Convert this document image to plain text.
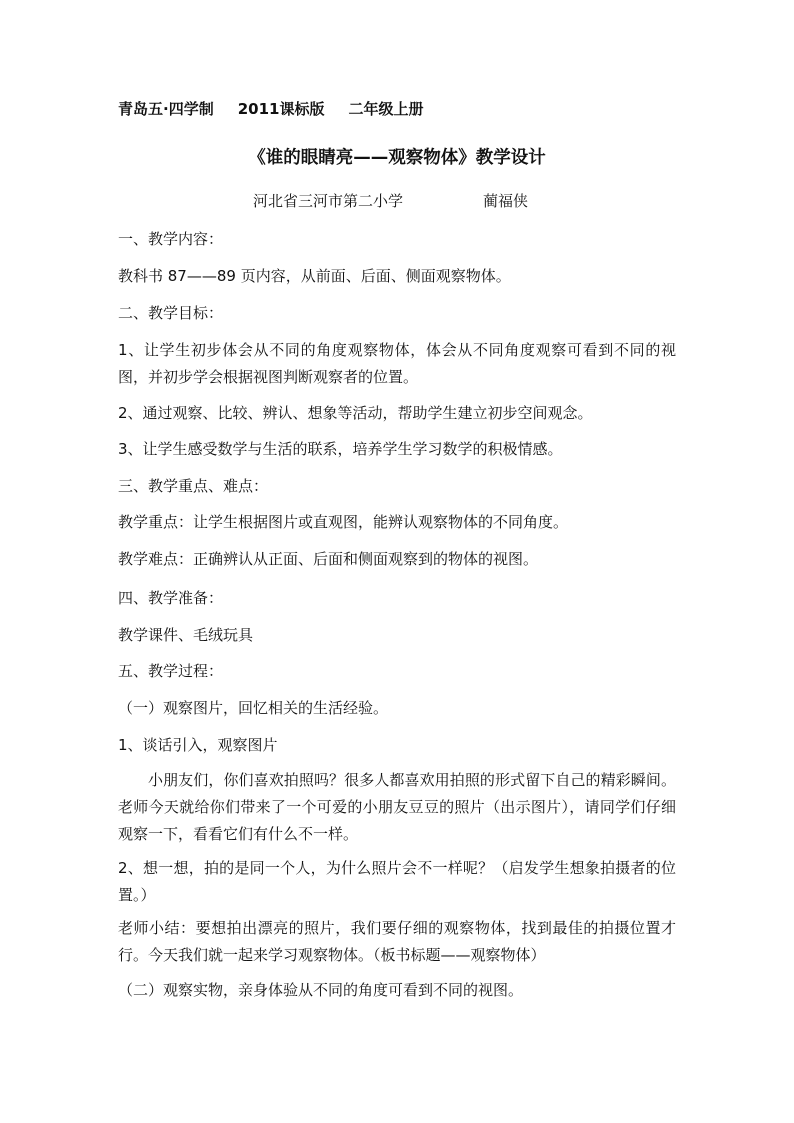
青岛五·四学制 2011课标版 二年级上册
《谁的眼睛亮——观察物体》教学设计
河北省三河市第二小学	蔺福侠
一、教学内容：
教科书 87——89 页内容，从前面、后面、侧面观察物体。
二、教学目标：
1、让学生初步体会从不同的角度观察物体，体会从不同角度观察可看到不同的视图，并初步学会根据视图判断观察者的位置。
2、通过观察、比较、辨认、想象等活动，帮助学生建立初步空间观念。
3、让学生感受数学与生活的联系，培养学生学习数学的积极情感。
三、教学重点、难点：
教学重点：让学生根据图片或直观图，能辨认观察物体的不同角度。
教学难点：正确辨认从正面、后面和侧面观察到的物体的视图。
四、教学准备：
教学课件、毛绒玩具
五、教学过程：
（一）观察图片，回忆相关的生活经验。
1、谈话引入，观察图片
小朋友们，你们喜欢拍照吗？很多人都喜欢用拍照的形式留下自己的精彩瞬间。老师今天就给你们带来了一个可爱的小朋友豆豆的照片（出示图片），请同学们仔细观察一下，看看它们有什么不一样。
2、想一想，拍的是同一个人，为什么照片会不一样呢？（启发学生想象拍摄者的位置。）
老师小结：要想拍出漂亮的照片，我们要仔细的观察物体，找到最佳的拍摄位置才行。今天我们就一起来学习观察物体。（板书标题——观察物体）
（二）观察实物，亲身体验从不同的角度可看到不同的视图。
